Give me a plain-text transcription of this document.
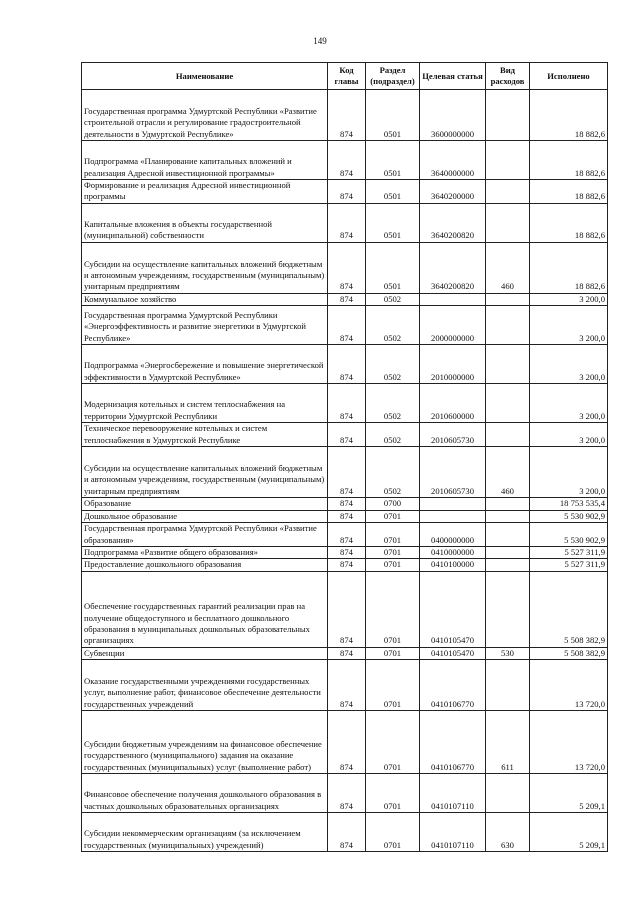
149
Наименование	Код главы	Раздел (подраздел)	Целевая статья	Вид расходов	Исполнено
Государственная программа Удмуртской Республики «Развитие строительной отрасли и регулирование градостроительной деятельности в Удмуртской Республике»	874	0501	3600000000		18 882,6
Подпрограмма «Планирование капитальных вложений и реализация Адресной инвестиционной программы»	874	0501	3640000000		18 882,6
Формирование и реализация Адресной инвестиционной программы	874	0501	3640200000		18 882,6
Капитальные вложения в объекты государственной (муниципальной) собственности	874	0501	3640200820		18 882,6
Субсидии на осуществление капитальных вложений бюджетным и автономным учреждениям, государственным (муниципальным) унитарным предприятиям	874	0501	3640200820	460	18 882,6
Коммунальное хозяйство	874	0502			3 200,0
Государственная программа Удмуртской Республики «Энергоэффективность и развитие энергетики в Удмуртской Республике»	874	0502	2000000000		3 200,0
Подпрограмма «Энергосбережение и повышение энергетической эффективности в Удмуртской Республике»	874	0502	2010000000		3 200,0
Модернизация котельных и систем теплоснабжения на территории Удмуртской Республики	874	0502	2010600000		3 200,0
Техническое перевооружение котельных и систем теплоснабжения в Удмуртской Республике	874	0502	2010605730		3 200,0
Субсидии на осуществление капитальных вложений бюджетным и автономным учреждениям, государственным (муниципальным) унитарным предприятиям	874	0502	2010605730	460	3 200,0
Образование	874	0700			18 753 535,4
Дошкольное образование	874	0701			5 530 902,9
Государственная программа Удмуртской Республики «Развитие образования»	874	0701	0400000000		5 530 902,9
Подпрограмма «Развитие общего образования»	874	0701	0410000000		5 527 311,9
Предоставление дошкольного образования	874	0701	0410100000		5 527 311,9
Обеспечение государственных гарантий реализации прав на получение общедоступного и бесплатного дошкольного образования в муниципальных дошкольных образовательных организациях	874	0701	0410105470		5 508 382,9
Субвенции	874	0701	0410105470	530	5 508 382,9
Оказание государственными учреждениями государственных услуг, выполнение работ, финансовое обеспечение деятельности государственных учреждений	874	0701	0410106770		13 720,0
Субсидии бюджетным учреждениям на финансовое обеспечение государственного (муниципального) задания на оказание государственных (муниципальных) услуг (выполнение работ)	874	0701	0410106770	611	13 720,0
Финансовое обеспечение получения дошкольного образования в частных дошкольных образовательных организациях	874	0701	0410107110		5 209,1
Субсидии некоммерческим организациям (за исключением государственных (муниципальных) учреждений)	874	0701	0410107110	630	5 209,1
